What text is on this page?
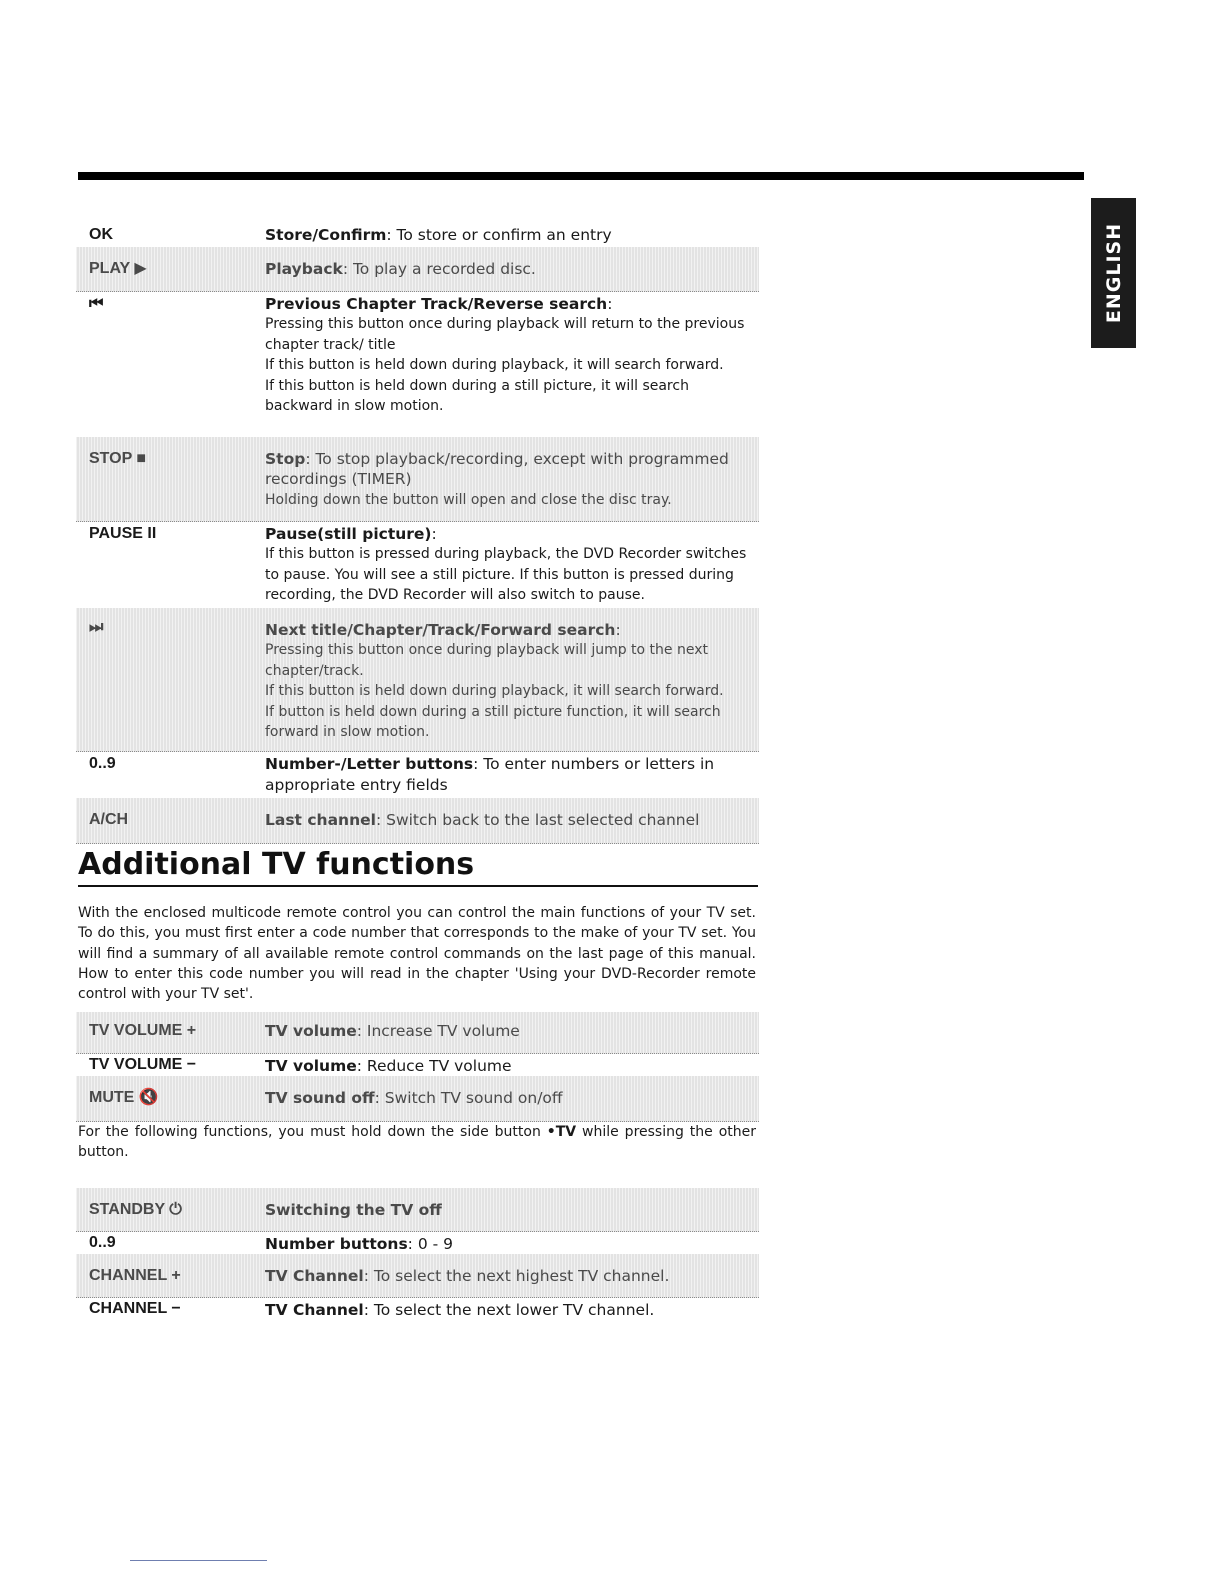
ENGLISH
OK	Store/Confirm: To store or confirm an entry
PLAY ▶	Playback: To play a recorded disc.
⏮	Previous Chapter Track/Reverse search:
Pressing this button once during playback will return to the previous chapter track/ title
If this button is held down during playback, it will search forward.
If this button is held down during a still picture, it will search backward in slow motion.
STOP ■	Stop: To stop playback/recording, except with programmed recordings (TIMER)
Holding down the button will open and close the disc tray.
PAUSE II	Pause(still picture):
If this button is pressed during playback, the DVD Recorder switches to pause. You will see a still picture. If this button is pressed during recording, the DVD Recorder will also switch to pause.
⏭	Next title/Chapter/Track/Forward search:
Pressing this button once during playback will jump to the next chapter/track.
If this button is held down during playback, it will search forward.
If button is held down during a still picture function, it will search forward in slow motion.
0..9	Number-/Letter buttons: To enter numbers or letters in appropriate entry fields
A/CH	Last channel: Switch back to the last selected channel
Additional TV functions
With the enclosed multicode remote control you can control the main functions of your TV set. To do this, you must first enter a code number that corresponds to the make of your TV set. You will find a summary of all available remote control commands on the last page of this manual. How to enter this code number you will read in the chapter 'Using your DVD-Recorder remote control with your TV set'.
TV VOLUME +	TV volume: Increase TV volume
TV VOLUME −	TV volume: Reduce TV volume
MUTE 🔇	TV sound off: Switch TV sound on/off
For the following functions, you must hold down the side button •TV while pressing the other button.
STANDBY ⏻	Switching the TV off
0..9	Number buttons: 0 - 9
CHANNEL +	TV Channel: To select the next highest TV channel.
CHANNEL −	TV Channel: To select the next lower TV channel.
